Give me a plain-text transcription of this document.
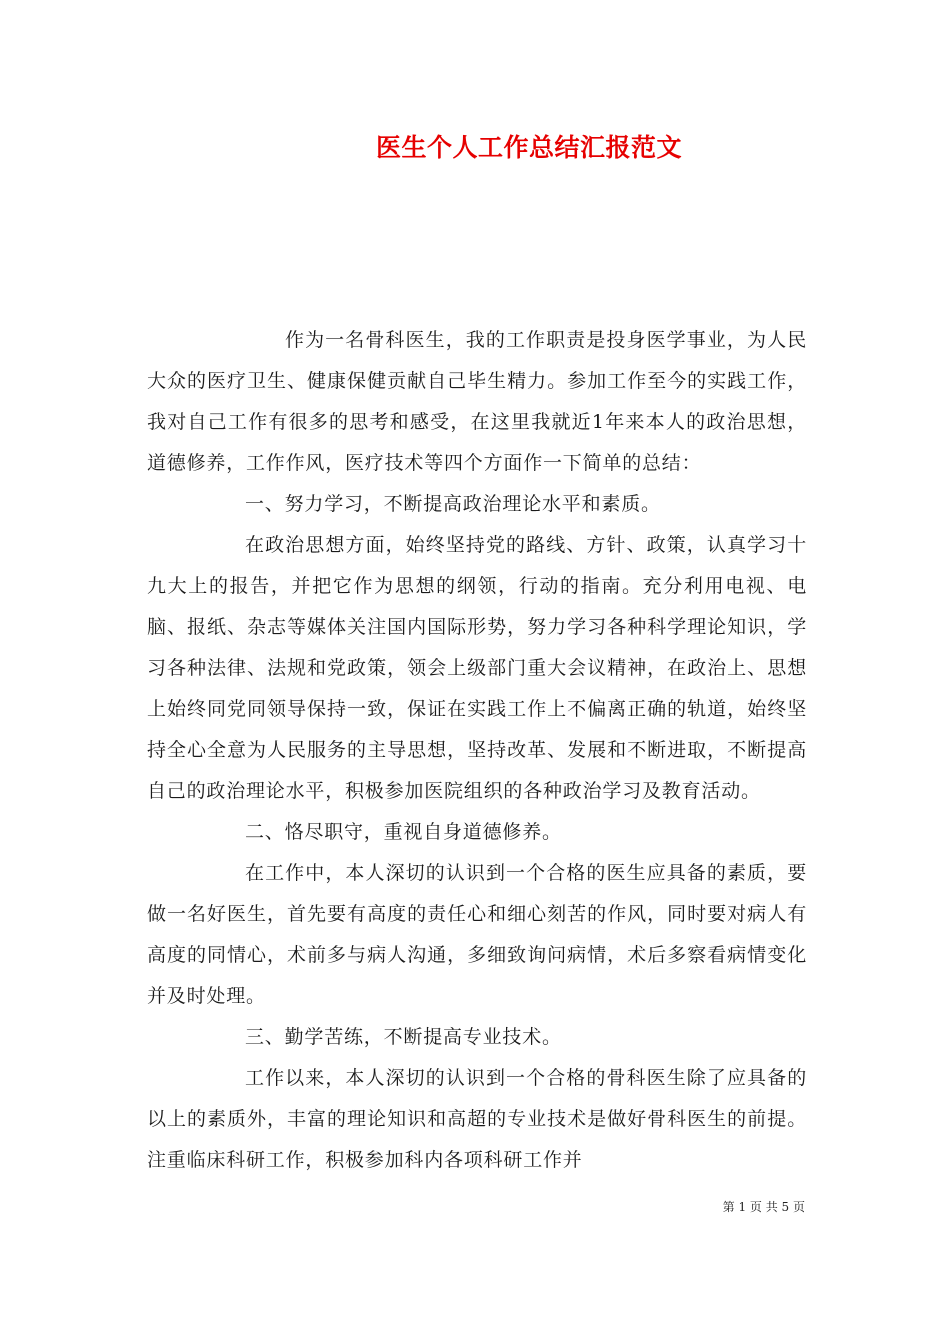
医生个人工作总结汇报范文

作为一名骨科医生，我的工作职责是投身医学事业，为人民大众的医疗卫生、健康保健贡献自己毕生精力。参加工作至今的实践工作，我对自己工作有很多的思考和感受，在这里我就近1年来本人的政治思想，道德修养，工作作风，医疗技术等四个方面作一下简单的总结：

一、努力学习，不断提高政治理论水平和素质。

在政治思想方面，始终坚持党的路线、方针、政策，认真学习十九大上的报告，并把它作为思想的纲领，行动的指南。充分利用电视、电脑、报纸、杂志等媒体关注国内国际形势，努力学习各种科学理论知识，学习各种法律、法规和党政策，领会上级部门重大会议精神，在政治上、思想上始终同党同领导保持一致，保证在实践工作上不偏离正确的轨道，始终坚持全心全意为人民服务的主导思想，坚持改革、发展和不断进取，不断提高自己的政治理论水平，积极参加医院组织的各种政治学习及教育活动。

二、恪尽职守，重视自身道德修养。

在工作中，本人深切的认识到一个合格的医生应具备的素质，要做一名好医生，首先要有高度的责任心和细心刻苦的作风，同时要对病人有高度的同情心，术前多与病人沟通，多细致询问病情，术后多察看病情变化并及时处理。

三、勤学苦练，不断提高专业技术。

工作以来，本人深切的认识到一个合格的骨科医生除了应具备的以上的素质外，丰富的理论知识和高超的专业技术是做好骨科医生的前提。注重临床科研工作，积极参加科内各项科研工作并

第 1 页 共 5 页
